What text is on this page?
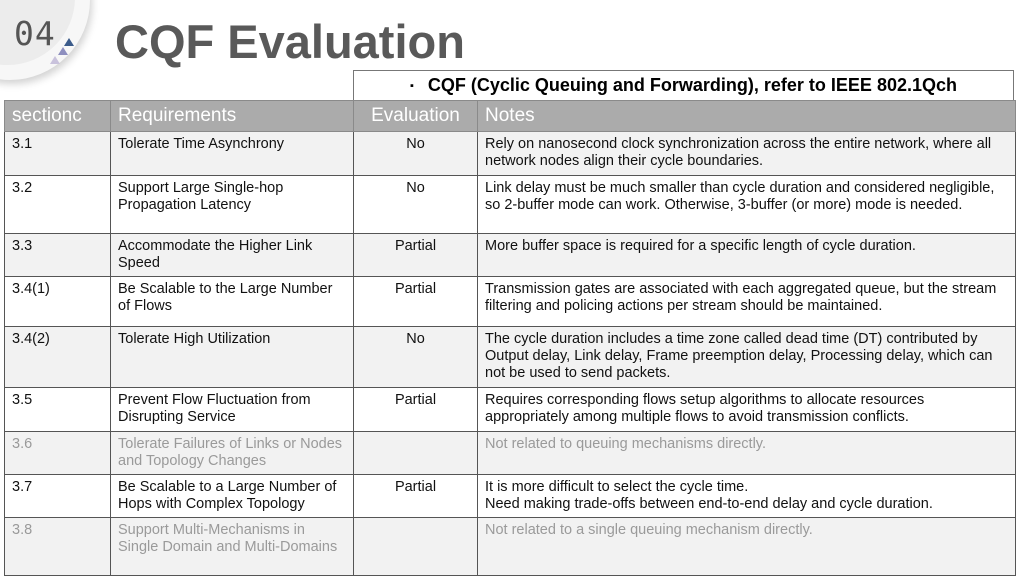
04 CQF Evaluation
▪ CQF (Cyclic Queuing and Forwarding), refer to IEEE 802.1Qch
sectionc	Requirements	Evaluation	Notes
3.1	Tolerate Time Asynchrony	No	Rely on nanosecond clock synchronization across the entire network, where all network nodes align their cycle boundaries.
3.2	Support Large Single-hop Propagation Latency	No	Link delay must be much smaller than cycle duration and considered negligible, so 2-buffer mode can work. Otherwise, 3-buffer (or more) mode is needed.
3.3	Accommodate the Higher Link Speed	Partial	More buffer space is required for a specific length of cycle duration.
3.4(1)	Be Scalable to the Large Number of Flows	Partial	Transmission gates are associated with each aggregated queue, but the stream filtering and policing actions per stream should be maintained.
3.4(2)	Tolerate High Utilization	No	The cycle duration includes a time zone called dead time (DT) contributed by Output delay, Link delay, Frame preemption delay, Processing delay, which can not be used to send packets.
3.5	Prevent Flow Fluctuation from Disrupting Service	Partial	Requires corresponding flows setup algorithms to allocate resources appropriately among multiple flows to avoid transmission conflicts.
3.6	Tolerate Failures of Links or Nodes and Topology Changes		Not related to queuing mechanisms directly.
3.7	Be Scalable to a Large Number of Hops with Complex Topology	Partial	It is more difficult to select the cycle time.
Need making trade-offs between end-to-end delay and cycle duration.
3.8	Support Multi-Mechanisms in Single Domain and Multi-Domains		Not related to a single queuing mechanism directly.
